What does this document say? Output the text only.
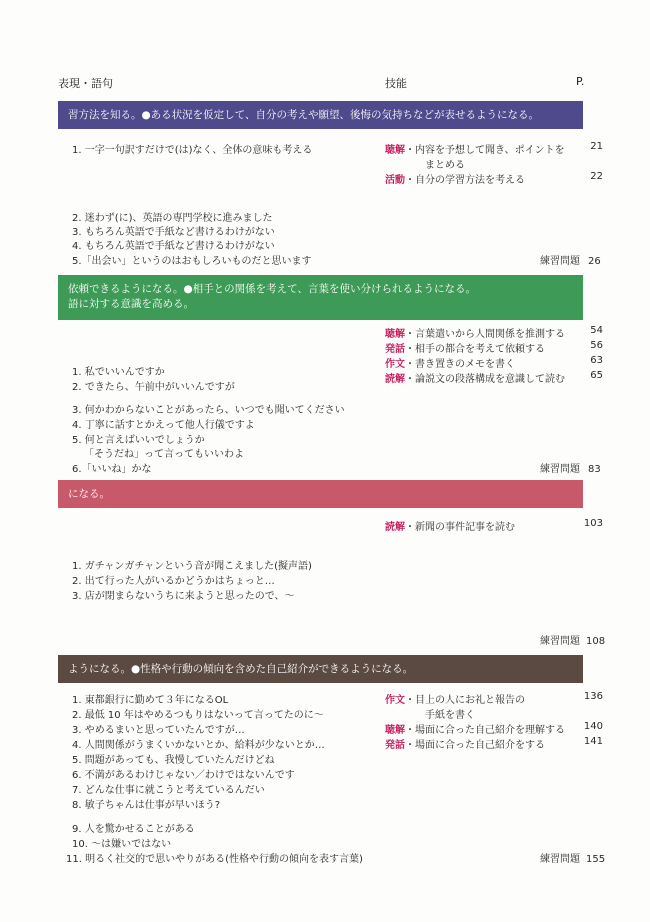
表現・語句	技能	P.
習方法を知る。●ある状況を仮定して、自分の考えや願望、後悔の気持ちなどが表せるようになる。
1. 一字一句訳すだけで(は)なく、全体の意味も考える	聴解・内容を予想して聞き、ポイントを	21
まとめる
活動・自分の学習方法を考える	22
2. 迷わず(に)、英語の専門学校に進みました
3. もちろん英語で手紙など書けるわけがない
4. もちろん英語で手紙など書けるわけがない
5.「出会い」というのはおもしろいものだと思います	練習問題 26
依頼できるようになる。●相手との関係を考えて、言葉を使い分けられるようになる。
語に対する意識を高める。
聴解・言葉遣いから人間関係を推測する	54
発話・相手の都合を考えて依頼する	56
作文・書き置きのメモを書く	63
読解・論説文の段落構成を意識して読む	65
1. 私でいいんですか
2. できたら、午前中がいいんですが
3. 何かわからないことがあったら、いつでも聞いてください
4. 丁寧に話すとかえって他人行儀ですよ
5. 何と言えばいいでしょうか
「そうだね」って言ってもいいわよ
6.「いいね」かな	練習問題 83
になる。
読解・新聞の事件記事を読む	103
1. ガチャンガチャンという音が聞こえました(擬声語)
2. 出て行った人がいるかどうかはちょっと…
3. 店が閉まらないうちに来ようと思ったので、～
練習問題 108
ようになる。●性格や行動の傾向を含めた自己紹介ができるようになる。
1. 東都銀行に勤めて３年になるOL
2. 最低 10 年はやめるつもりはないって言ってたのに～
3. やめるまいと思っていたんですが…
4. 人間関係がうまくいかないとか、給料が少ないとか…
5. 問題があっても、我慢していたんだけどね
6. 不満があるわけじゃない／わけではないんです
7. どんな仕事に就こうと考えているんだい
8. 敏子ちゃんは仕事が早いほう?
9. 人を驚かせることがある
10. ～は嫌いではない
11. 明るく社交的で思いやりがある(性格や行動の傾向を表す言葉)
作文・目上の人にお礼と報告の	136
手紙を書く
聴解・場面に合った自己紹介を理解する	140
発話・場面に合った自己紹介をする	141
練習問題 155
